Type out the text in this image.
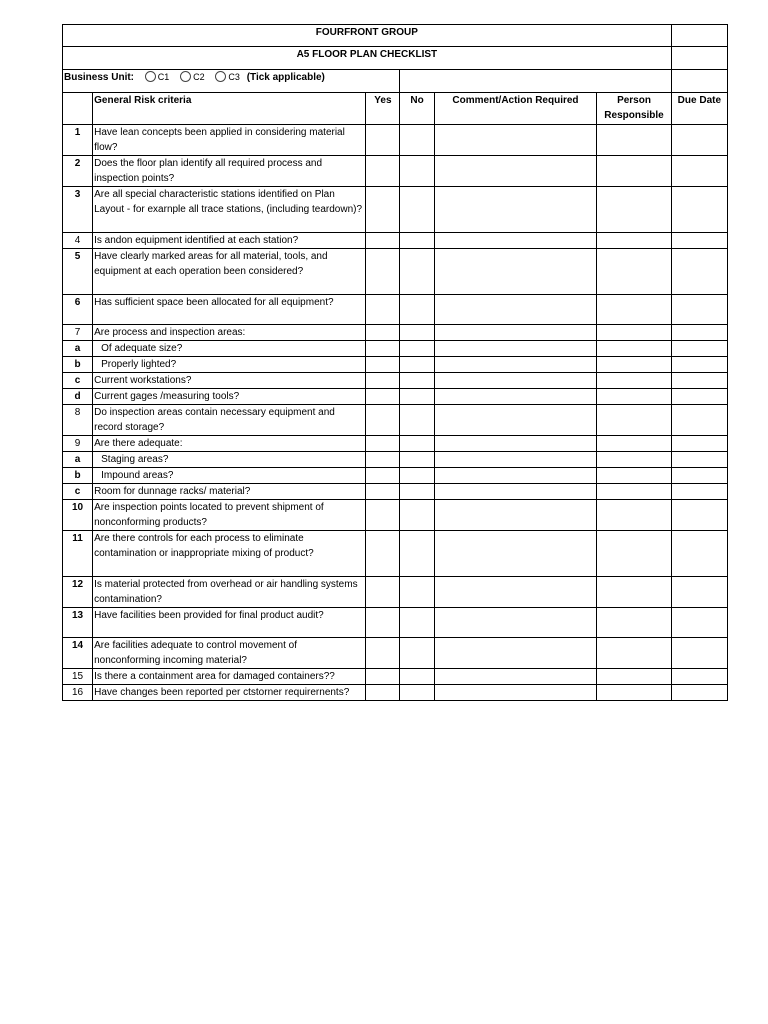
FOURFRONT GROUP						
A5 FLOOR PLAN CHECKLIST						
Business Unit: C1 C2 C3 (Tick applicable)						
	General Risk criteria	Yes	No	Comment/Action Required	Person Responsible	Due Date
1	Have lean concepts been applied in considering material flow?					
2	Does the floor plan identify all required process and inspection points?					
3	Are all special characteristic stations identified on Plan Layout - for exarnple all trace stations, (including teardown)?					
4	Is andon equipment identified at each station?					
5	Have clearly marked areas for all material, tools, and equipment at each operation been considered?					
6	Has sufficient space been allocated for all equipment?					
7	Are process and inspection areas:					
a	Of adequate size?					
b	Properly lighted?					
c	Current workstations?					
d	Current gages /measuring tools?					
8	Do inspection areas contain necessary equipment and record storage?					
9	Are there adequate:					
a	Staging areas?					
b	Impound areas?					
c	Room for dunnage racks/ material?					
10	Are inspection points located to prevent shipment of nonconforming products?					
11	Are there controls for each process to eliminate contamination or inappropriate mixing of product?					
12	Is material protected from overhead or air handling systems contamination?					
13	Have facilities been provided for final product audit?					
14	Are facilities adequate to control movement of nonconforming incoming material?					
15	Is there a containment area for damaged containers??					
16	Have changes been reported per ctstorner requirernents?					
